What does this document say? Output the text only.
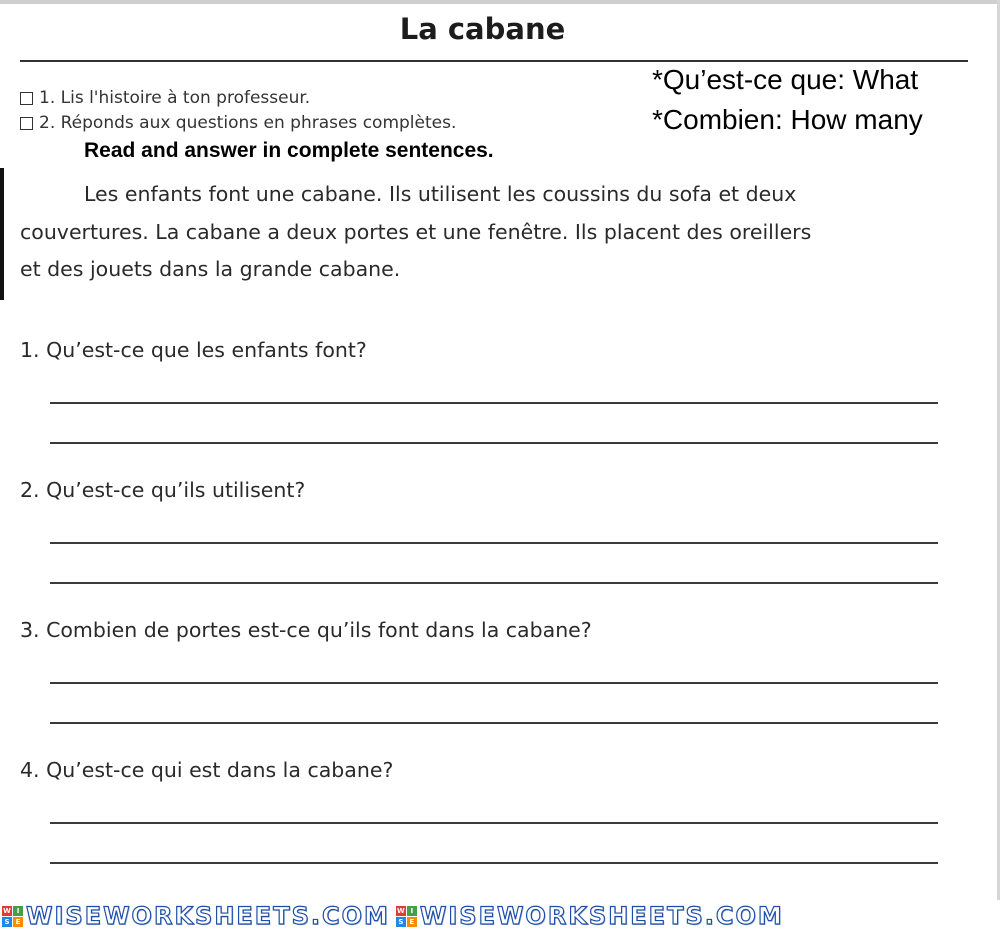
La cabane
1. Lis l'histoire à ton professeur.
2. Réponds aux questions en phrases complètes.
*Qu’est-ce que: What
*Combien: How many
Read and answer in complete sentences.
Les enfants font une cabane. Ils utilisent les coussins du sofa et deux
couvertures. La cabane a deux portes et une fenêtre. Ils placent des oreillers
et des jouets dans la grande cabane.
1. Qu’est-ce que les enfants font?
2. Qu’est-ce qu’ils utilisent?
3. Combien de portes est-ce qu’ils font dans la cabane?
4. Qu’est-ce qui est dans la cabane?
W I
S E WISEWORKSHEETS.COM W I
S E WISEWORKSHEETS.COM
